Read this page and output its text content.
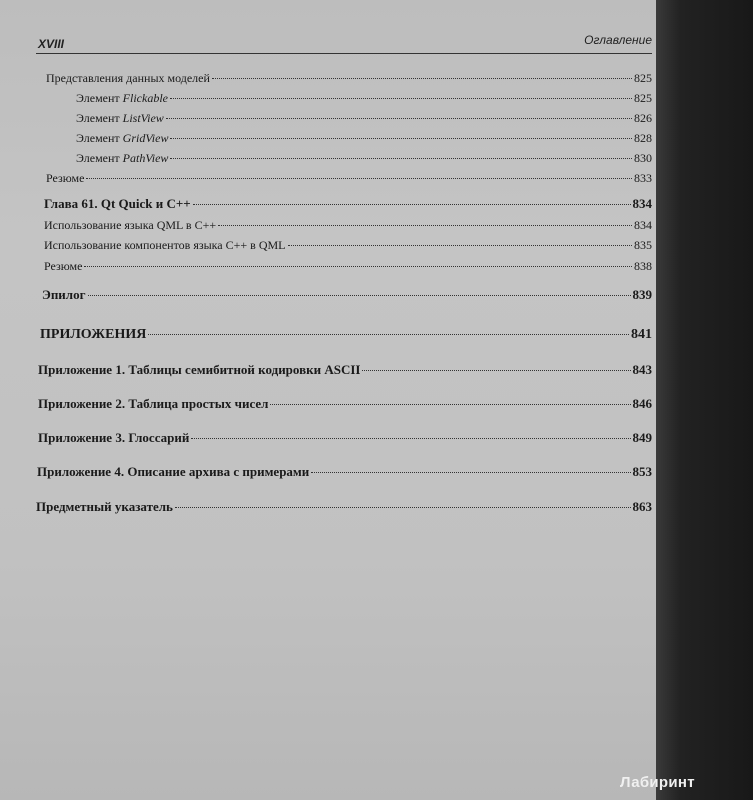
XVIII	Оглавление
Представления данных моделей	825
Элемент Flickable	825
Элемент ListView	826
Элемент GridView	828
Элемент PathView	830
Резюме	833
Глава 61. Qt Quick и C++	834
Использование языка QML в C++	834
Использование компонентов языка C++ в QML	835
Резюме	838
Эпилог	839
ПРИЛОЖЕНИЯ	841
Приложение 1. Таблицы семибитной кодировки ASCII	843
Приложение 2. Таблица простых чисел	846
Приложение 3. Глоссарий	849
Приложение 4. Описание архива с примерами	853
Предметный указатель	863
Лабиринт
